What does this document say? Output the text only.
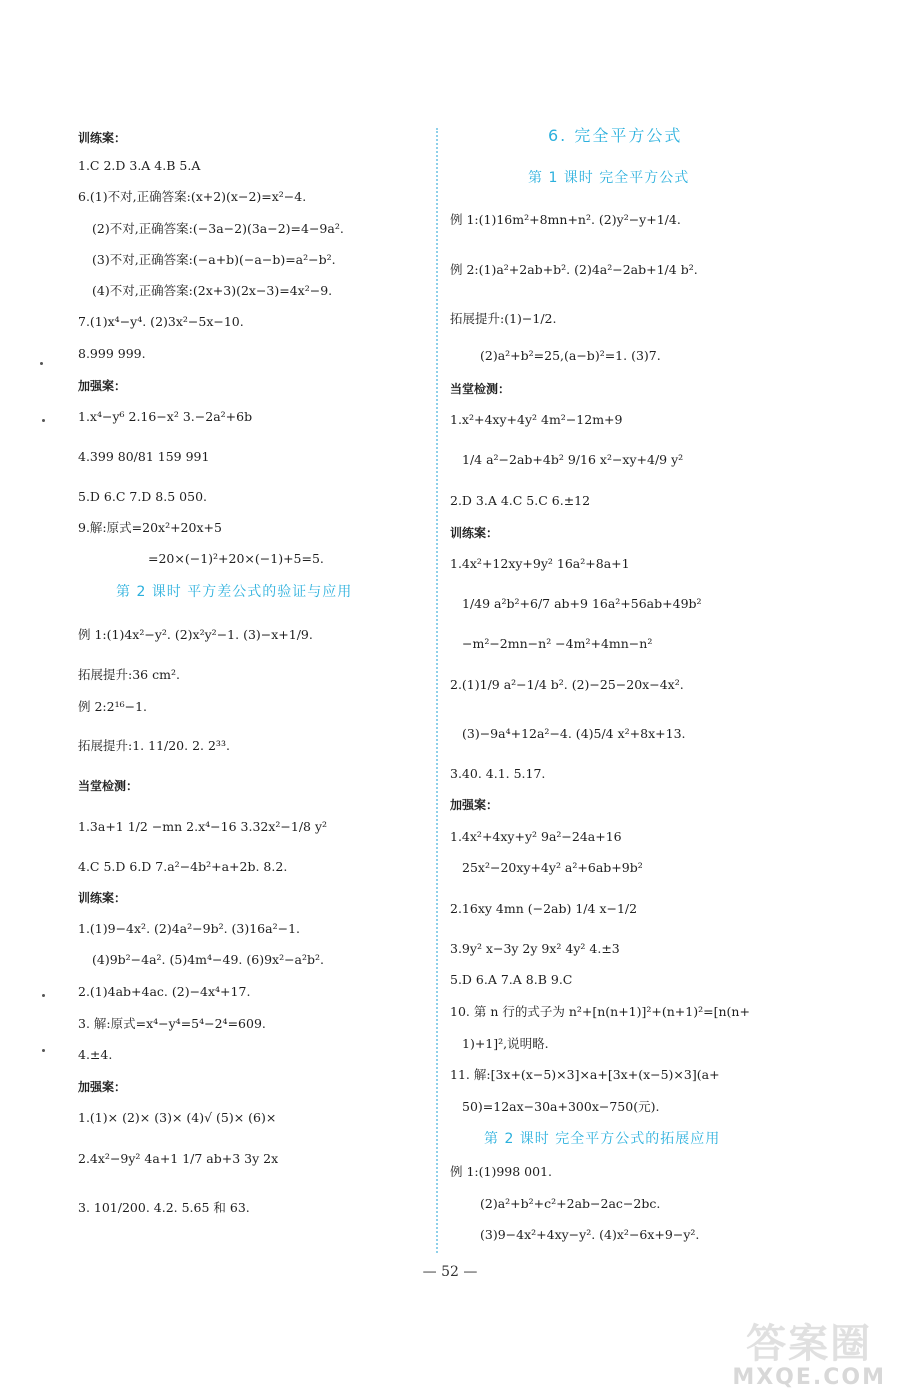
训练案：
1.C 2.D 3.A 4.B 5.A
6.(1)不对,正确答案:(x+2)(x−2)=x²−4.
(2)不对,正确答案:(−3a−2)(3a−2)=4−9a².
(3)不对,正确答案:(−a+b)(−a−b)=a²−b².
(4)不对,正确答案:(2x+3)(2x−3)=4x²−9.
7.(1)x⁴−y⁴. (2)3x²−5x−10.
8.999 999.
加强案：
1.x⁴−y⁶ 2.16−x² 3.−2a²+6b
4.399 80/81 159 991
5.D 6.C 7.D 8.5 050.
9.解:原式=20x²+20x+5
=20×(−1)²+20×(−1)+5=5.
第 2 课时 平方差公式的验证与应用
例 1:(1)4x²−y². (2)x²y²−1. (3)−x+1/9.
拓展提升:36 cm².
例 2:2¹⁶−1.
拓展提升:1. 11/20. 2. 2³³.
当堂检测：
1.3a+1 1/2 −mn 2.x⁴−16 3.32x²−1/8 y²
4.C 5.D 6.D 7.a²−4b²+a+2b. 8.2.
训练案：
1.(1)9−4x². (2)4a²−9b². (3)16a²−1.
(4)9b²−4a². (5)4m⁴−49. (6)9x²−a²b².
2.(1)4ab+4ac. (2)−4x⁴+17.
3. 解:原式=x⁴−y⁴=5⁴−2⁴=609.
4.±4.
加强案：
1.(1)× (2)× (3)× (4)√ (5)× (6)×
2.4x²−9y² 4a+1 1/7 ab+3 3y 2x
3. 101/200. 4.2. 5.65 和 63.
6. 完全平方公式
第 1 课时 完全平方公式
例 1:(1)16m²+8mn+n². (2)y²−y+1/4.
例 2:(1)a²+2ab+b². (2)4a²−2ab+1/4 b².
拓展提升:(1)−1/2.
(2)a²+b²=25,(a−b)²=1. (3)7.
当堂检测：
1.x²+4xy+4y² 4m²−12m+9
1/4 a²−2ab+4b² 9/16 x²−xy+4/9 y²
2.D 3.A 4.C 5.C 6.±12
训练案：
1.4x²+12xy+9y² 16a²+8a+1
1/49 a²b²+6/7 ab+9 16a²+56ab+49b²
−m²−2mn−n² −4m²+4mn−n²
2.(1)1/9 a²−1/4 b². (2)−25−20x−4x².
(3)−9a⁴+12a²−4. (4)5/4 x²+8x+13.
3.40. 4.1. 5.17.
加强案：
1.4x²+4xy+y² 9a²−24a+16
25x²−20xy+4y² a²+6ab+9b²
2.16xy 4mn (−2ab) 1/4 x−1/2
3.9y² x−3y 2y 9x² 4y² 4.±3
5.D 6.A 7.A 8.B 9.C
10. 第 n 行的式子为 n²+[n(n+1)]²+(n+1)²=[n(n+
1)+1]²,说明略.
11. 解:[3x+(x−5)×3]×a+[3x+(x−5)×3](a+
50)=12ax−30a+300x−750(元).
第 2 课时 完全平方公式的拓展应用
例 1:(1)998 001.
(2)a²+b²+c²+2ab−2ac−2bc.
(3)9−4x²+4xy−y². (4)x²−6x+9−y².
— 52 —
答案圈
MXQE.COM
